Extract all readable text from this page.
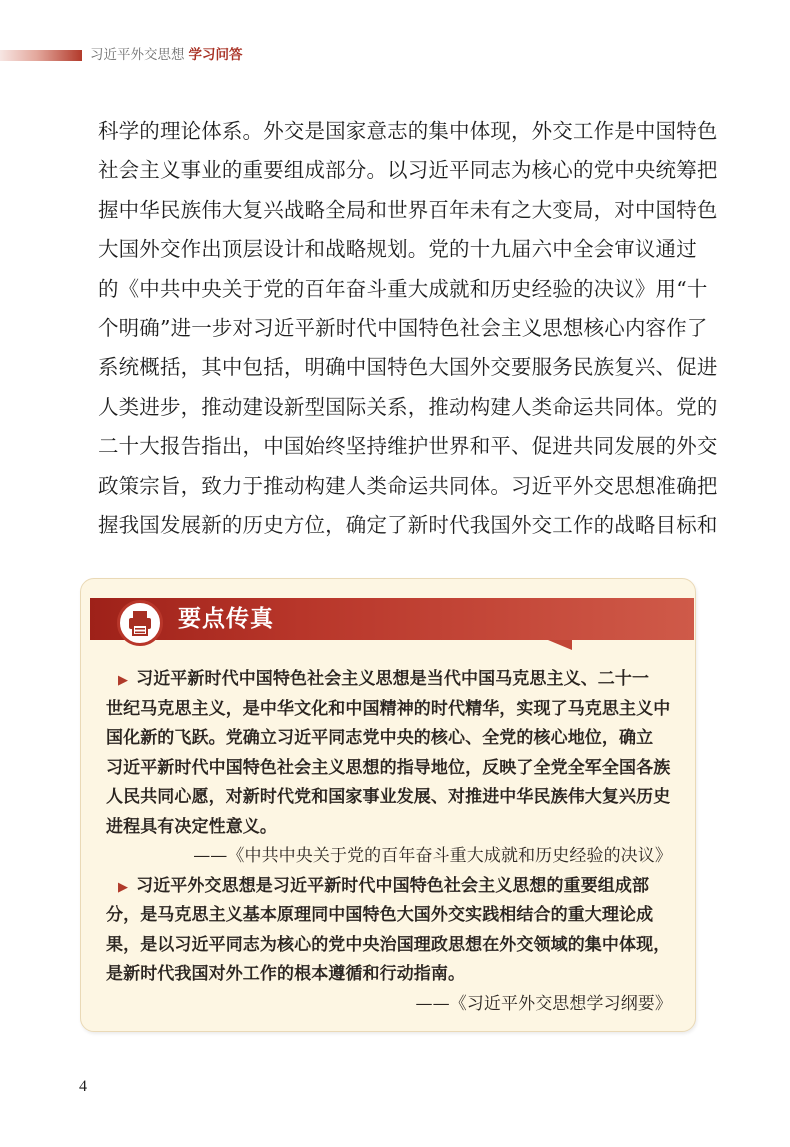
习近平外交思想 学习问答
科学的理论体系。外交是国家意志的集中体现，外交工作是中国特色
社会主义事业的重要组成部分。以习近平同志为核心的党中央统筹把
握中华民族伟大复兴战略全局和世界百年未有之大变局，对中国特色
大国外交作出顶层设计和战略规划。党的十九届六中全会审议通过
的《中共中央关于党的百年奋斗重大成就和历史经验的决议》用“十
个明确”进一步对习近平新时代中国特色社会主义思想核心内容作了
系统概括，其中包括，明确中国特色大国外交要服务民族复兴、促进
人类进步，推动建设新型国际关系，推动构建人类命运共同体。党的
二十大报告指出，中国始终坚持维护世界和平、促进共同发展的外交
政策宗旨，致力于推动构建人类命运共同体。习近平外交思想准确把
握我国发展新的历史方位，确定了新时代我国外交工作的战略目标和
要点传真
▶ 习近平新时代中国特色社会主义思想是当代中国马克思主义、二十一
世纪马克思主义，是中华文化和中国精神的时代精华，实现了马克思主义中
国化新的飞跃。党确立习近平同志党中央的核心、全党的核心地位，确立
习近平新时代中国特色社会主义思想的指导地位，反映了全党全军全国各族
人民共同心愿，对新时代党和国家事业发展、对推进中华民族伟大复兴历史
进程具有决定性意义。
——《中共中央关于党的百年奋斗重大成就和历史经验的决议》
▶ 习近平外交思想是习近平新时代中国特色社会主义思想的重要组成部
分，是马克思主义基本原理同中国特色大国外交实践相结合的重大理论成
果，是以习近平同志为核心的党中央治国理政思想在外交领域的集中体现，
是新时代我国对外工作的根本遵循和行动指南。
——《习近平外交思想学习纲要》
4
